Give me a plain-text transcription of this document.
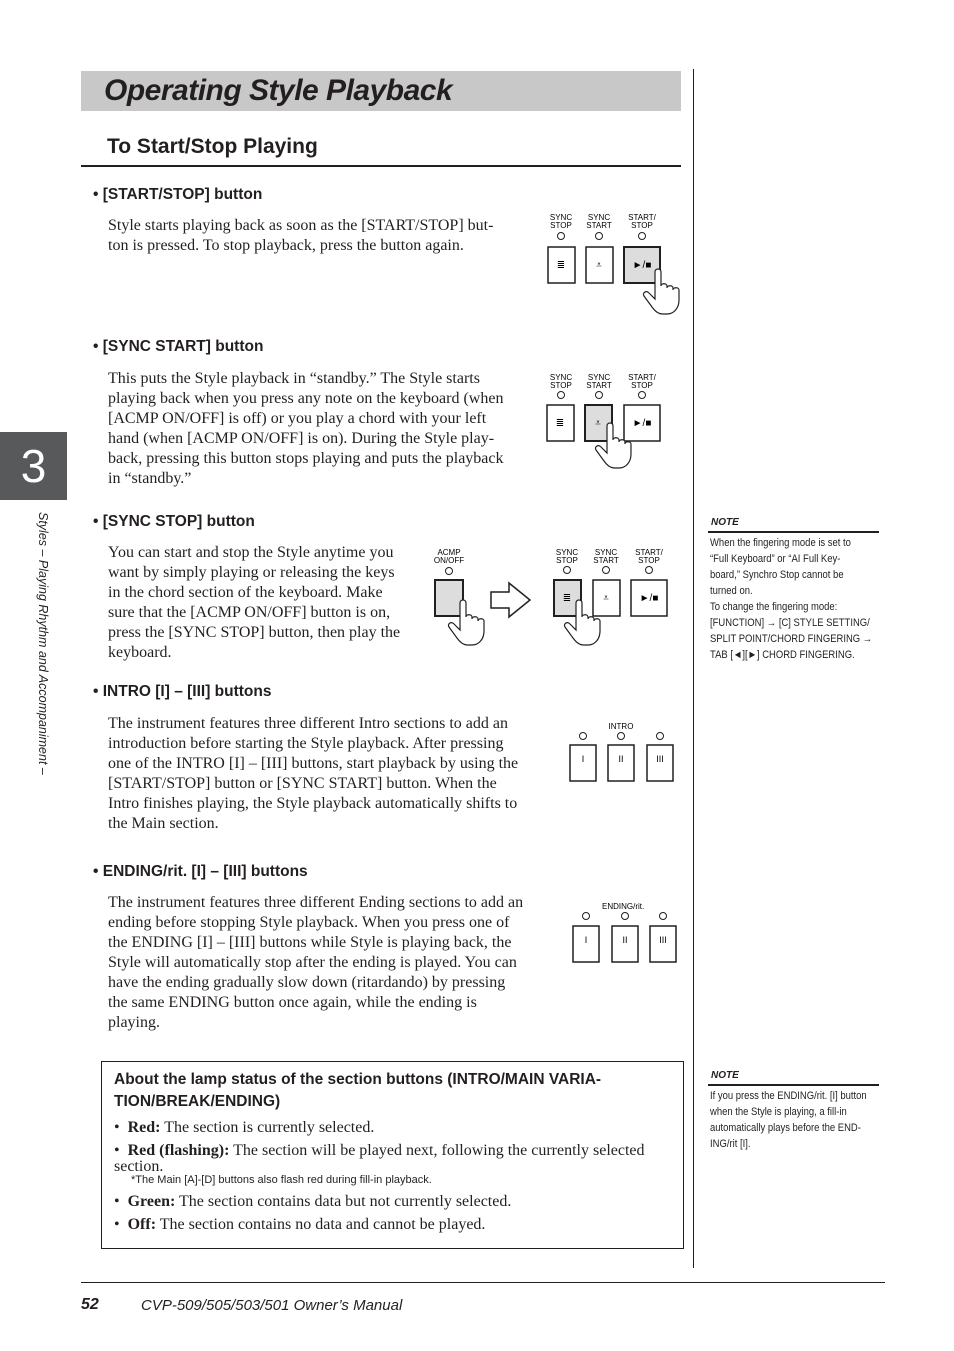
Operating Style Playback
To Start/Stop Playing
3
Styles – Playing Rhythm and Accompaniment –
• [START/STOP] button
Style starts playing back as soon as the [START/STOP] but-
ton is pressed. To stop playback, press the button again.
• [SYNC START] button
This puts the Style playback in “standby.” The Style starts
playing back when you press any note on the keyboard (when
[ACMP ON/OFF] is off) or you play a chord with your left
hand (when [ACMP ON/OFF] is on). During the Style play-
back, pressing this button stops playing and puts the playback
in “standby.”
• [SYNC STOP] button
You can start and stop the Style anytime you
want by simply playing or releasing the keys
in the chord section of the keyboard. Make
sure that the [ACMP ON/OFF] button is on,
press the [SYNC STOP] button, then play the
keyboard.
• INTRO [I] – [III] buttons
The instrument features three different Intro sections to add an
introduction before starting the Style playback. After pressing
one of the INTRO [I] – [III] buttons, start playback by using the
[START/STOP] button or [SYNC START] button. When the
Intro finishes playing, the Style playback automatically shifts to
the Main section.
• ENDING/rit. [I] – [III] buttons
The instrument features three different Ending sections to add an
ending before stopping Style playback. When you press one of
the ENDING [I] – [III] buttons while Style is playing back, the
Style will automatically stop after the ending is played. You can
have the ending gradually slow down (ritardando) by pressing
the same ENDING button once again, while the ending is
playing.
SYNC STOP
SYNC START
START/ STOP
≣	⩡	►/■
SYNC STOP
SYNC START
START/ STOP
≣	⩡	►/■
ACMP ON/OFF
SYNC STOP
SYNC START
START/ STOP
≣	⩡	►/■
INTRO
I	II	III
ENDING/rit.
I	II	III
NOTE
When the fingering mode is set to
“Full Keyboard” or “AI Full Key-
board,” Synchro Stop cannot be
turned on.
To change the fingering mode:
[FUNCTION] → [C] STYLE SETTING/
SPLIT POINT/CHORD FINGERING →
TAB [◄][►] CHORD FINGERING.
NOTE
If you press the ENDING/rit. [I] button
when the Style is playing, a fill-in
automatically plays before the END-
ING/rit [I].
About the lamp status of the section buttons (INTRO/MAIN VARIA-
TION/BREAK/ENDING)
•  Red: The section is currently selected.
•  Red (flashing): The section will be played next, following the currently selected section.
*The Main [A]-[D] buttons also flash red during fill-in playback.
•  Green: The section contains data but not currently selected.
•  Off: The section contains no data and cannot be played.
52	CVP-509/505/503/501 Owner’s Manual
